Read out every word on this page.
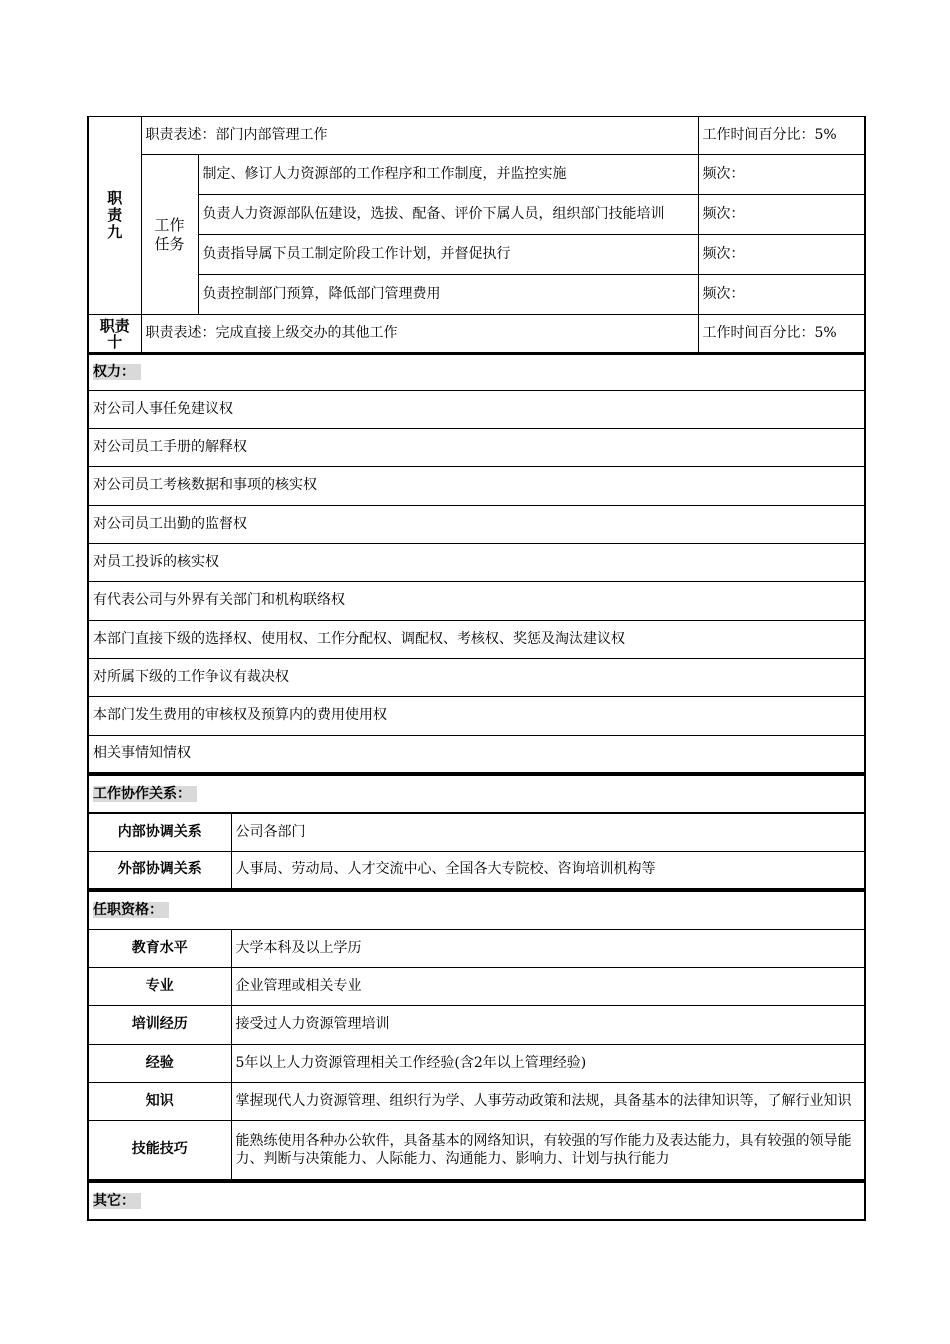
职
责
九	职责表述：部门内部管理工作		工作时间百分比：5%
	工作
任务	制定、修订人力资源部的工作程序和工作制度，并监控实施	频次：
		负责人力资源部队伍建设，选拔、配备、评价下属人员，组织部门技能培训	频次：
		负责指导属下员工制定阶段工作计划，并督促执行	频次：
		负责控制部门预算，降低部门管理费用	频次：
职责
十	职责表述：完成直接上级交办的其他工作		工作时间百分比：5%
权力：
对公司人事任免建议权
对公司员工手册的解释权
对公司员工考核数据和事项的核实权
对公司员工出勤的监督权
对员工投诉的核实权
有代表公司与外界有关部门和机构联络权
本部门直接下级的选择权、使用权、工作分配权、调配权、考核权、奖惩及淘汰建议权
对所属下级的工作争议有裁决权
本部门发生费用的审核权及预算内的费用使用权
相关事情知情权
工作协作关系：	
内部协调关系	公司各部门
外部协调关系	人事局、劳动局、人才交流中心、全国各大专院校、咨询培训机构等
任职资格：	
教育水平	大学本科及以上学历
专业	企业管理或相关专业
培训经历	接受过人力资源管理培训
经验	5年以上人力资源管理相关工作经验(含2年以上管理经验)
知识	掌握现代人力资源管理、组织行为学、人事劳动政策和法规，具备基本的法律知识等，了解行业知识
技能技巧	能熟练使用各种办公软件，具备基本的网络知识，有较强的写作能力及表达能力，具有较强的领导能力、判断与决策能力、人际能力、沟通能力、影响力、计划与执行能力
其它：
